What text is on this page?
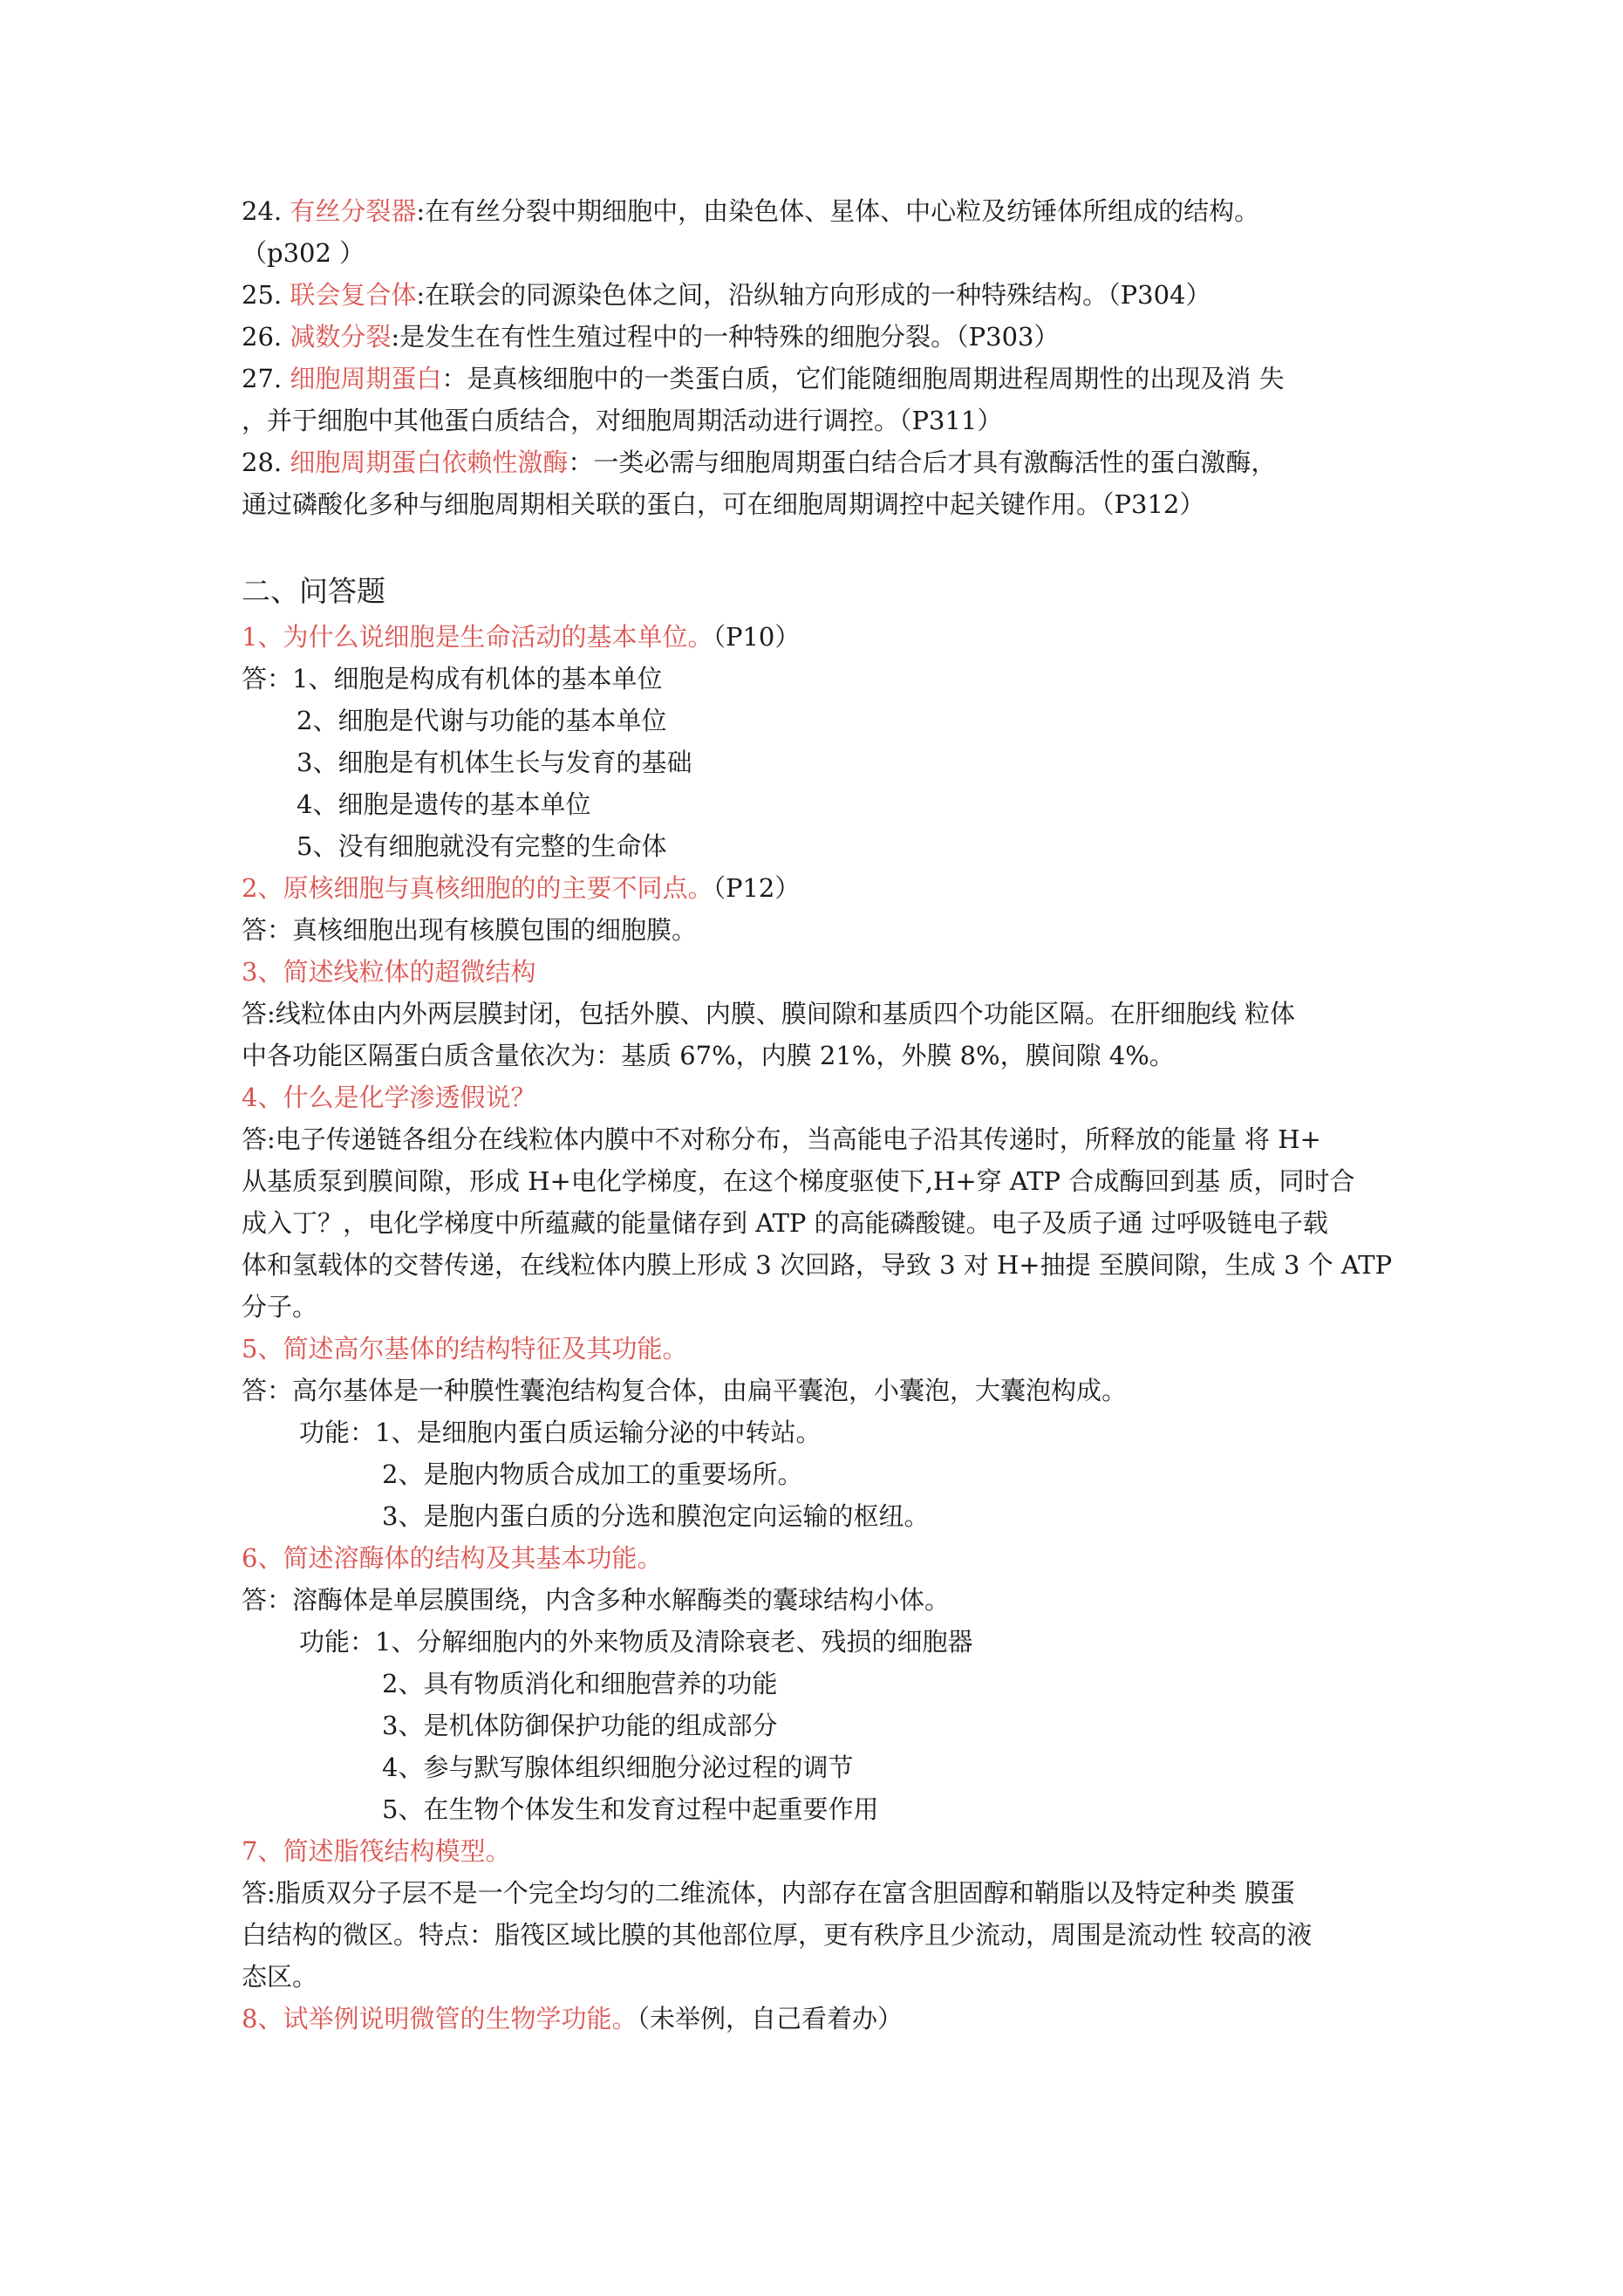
24. 有丝分裂器:在有丝分裂中期细胞中，由染色体、星体、中心粒及纺锤体所组成的结构。
（p302 ）
25. 联会复合体:在联会的同源染色体之间，沿纵轴方向形成的一种特殊结构。（P304）
26. 减数分裂:是发生在有性生殖过程中的一种特殊的细胞分裂。（P303）
27. 细胞周期蛋白：是真核细胞中的一类蛋白质，它们能随细胞周期进程周期性的出现及消 失
，并于细胞中其他蛋白质结合，对细胞周期活动进行调控。（P311）
28. 细胞周期蛋白依赖性激酶：一类必需与细胞周期蛋白结合后才具有激酶活性的蛋白激酶，
通过磷酸化多种与细胞周期相关联的蛋白，可在细胞周期调控中起关键作用。（P312）
二、问答题
1、为什么说细胞是生命活动的基本单位。（P10）
答：1、细胞是构成有机体的基本单位
2、细胞是代谢与功能的基本单位
3、细胞是有机体生长与发育的基础
4、细胞是遗传的基本单位
5、没有细胞就没有完整的生命体
2、原核细胞与真核细胞的的主要不同点。（P12）
答：真核细胞出现有核膜包围的细胞膜。
3、简述线粒体的超微结构
答:线粒体由内外两层膜封闭，包括外膜、内膜、膜间隙和基质四个功能区隔。在肝细胞线 粒体
中各功能区隔蛋白质含量依次为：基质 67%，内膜 21%，外膜 8%，膜间隙 4%。
4、什么是化学渗透假说？
答:电子传递链各组分在线粒体内膜中不对称分布，当高能电子沿其传递时，所释放的能量 将 H+
从基质泵到膜间隙，形成 H+电化学梯度，在这个梯度驱使下,H+穿 ATP 合成酶回到基 质，同时合
成入丁？，电化学梯度中所蕴藏的能量储存到 ATP 的高能磷酸键。电子及质子通 过呼吸链电子载
体和氢载体的交替传递，在线粒体内膜上形成 3 次回路，导致 3 对 H+抽提 至膜间隙，生成 3 个 ATP
分子。
5、简述高尔基体的结构特征及其功能。
答：高尔基体是一种膜性囊泡结构复合体，由扁平囊泡，小囊泡，大囊泡构成。
功能：1、是细胞内蛋白质运输分泌的中转站。
2、是胞内物质合成加工的重要场所。
3、是胞内蛋白质的分选和膜泡定向运输的枢纽。
6、简述溶酶体的结构及其基本功能。
答：溶酶体是单层膜围绕，内含多种水解酶类的囊球结构小体。
功能：1、分解细胞内的外来物质及清除衰老、残损的细胞器
2、具有物质消化和细胞营养的功能
3、是机体防御保护功能的组成部分
4、参与默写腺体组织细胞分泌过程的调节
5、在生物个体发生和发育过程中起重要作用
7、简述脂筏结构模型。
答:脂质双分子层不是一个完全均匀的二维流体，内部存在富含胆固醇和鞘脂以及特定种类 膜蛋
白结构的微区。特点：脂筏区域比膜的其他部位厚，更有秩序且少流动，周围是流动性 较高的液
态区。
8、试举例说明微管的生物学功能。（未举例，自己看着办）
